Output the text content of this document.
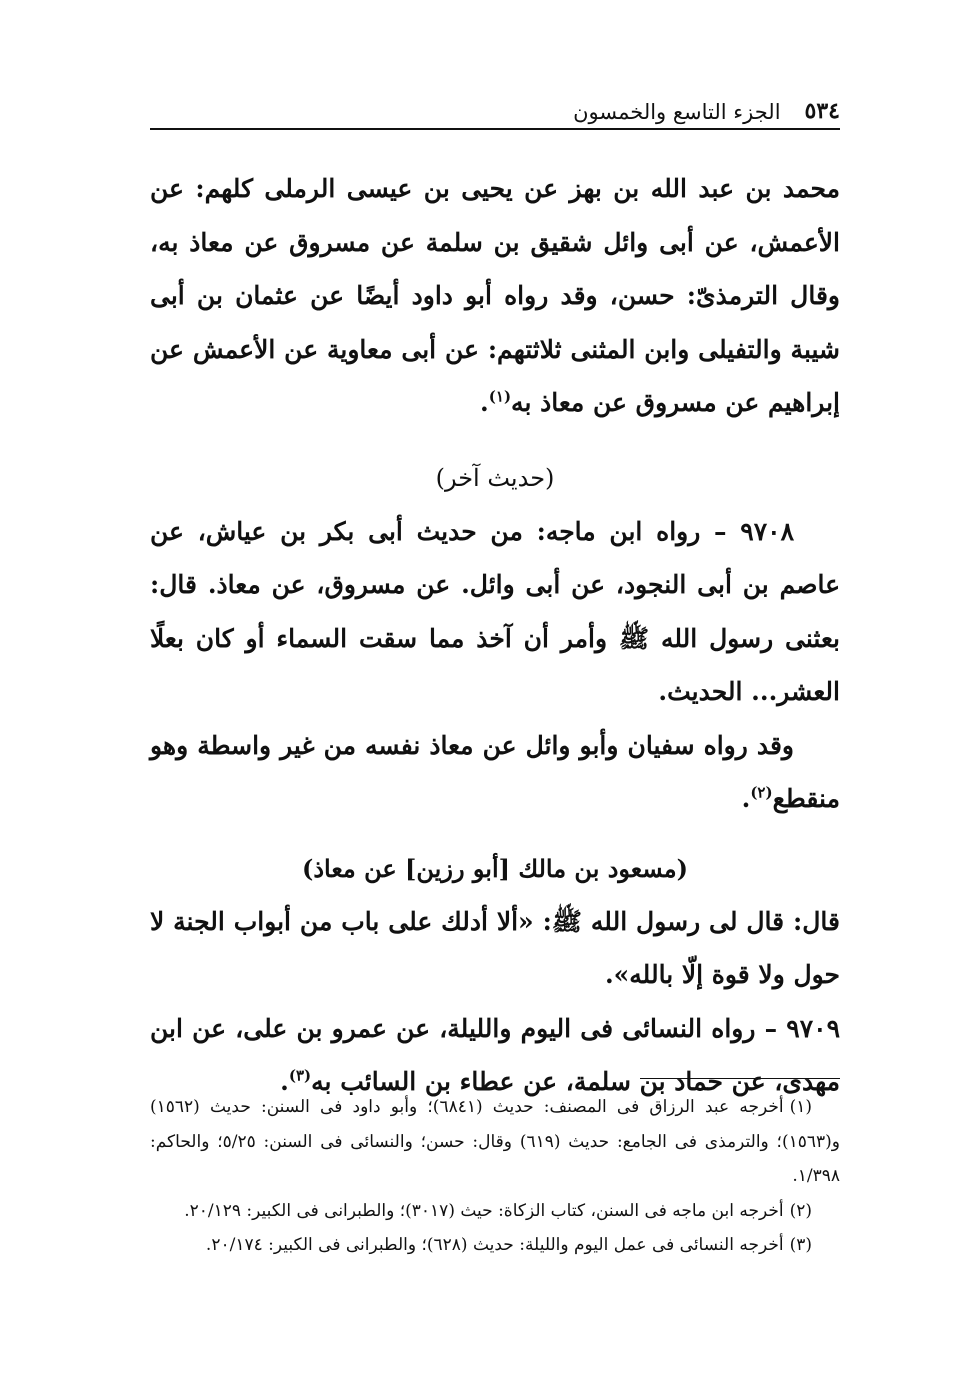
٥٣٤
الجزء التاسع والخمسون

محمد بن عبد الله بن بهز عن يحيى بن عيسى الرملى كلهم: عن الأعمش، عن أبى وائل شقيق بن سلمة عن مسروق عن معاذ به، وقال الترمذىّ: حسن، وقد رواه أبو داود أيضًا عن عثمان بن أبى شيبة والتفيلى وابن المثنى ثلاثتهم: عن أبى معاوية عن الأعمش عن إبراهيم عن مسروق عن معاذ به$^{(١)}$.

(حديث آخر)

٩٧٠٨ – رواه ابن ماجه: من حديث أبى بكر بن عياش، عن عاصم بن أبى النجود، عن أبى وائل. عن مسروق، عن معاذ. قال: بعثنى رسول الله ﷺ وأمر أن آخذ مما سقت السماء أو كان بعلًا العشر... الحديث.

وقد رواه سفيان وأبو وائل عن معاذ نفسه من غير واسطة وهو منقطع$^{(٢)}$.

(مسعود بن مالك [أبو رزين] عن معاذ)

قال: قال لى رسول الله ﷺ: «ألا أدلك على باب من أبواب الجنة لا حول ولا قوة إلّا بالله».

٩٧٠٩ – رواه النسائى فى اليوم والليلة، عن عمرو بن على، عن ابن مهدى، عن حماد بن سلمة، عن عطاء بن السائب به$^{(٣)}$.

(١)أخرجه عبد الرزاق فى المصنف: حديث (٦٨٤١)؛ وأبو داود فى السنن: حديث (١٥٦٢) و(١٥٦٣)؛ والترمذى فى الجامع: حديث (٦١٩) وقال: حسن؛ والنسائى فى السنن: ٥/٢٥؛ والحاكم: ١/٣٩٨.

(٢)أخرجه ابن ماجه فى السنن، كتاب الزكاة: حيث (٣٠١٧)؛ والطبرانى فى الكبير: ٢٠/١٢٩.

(٣)أخرجه النسائى فى عمل اليوم والليلة: حديث (٦٢٨)؛ والطبرانى فى الكبير: ٢٠/١٧٤.
